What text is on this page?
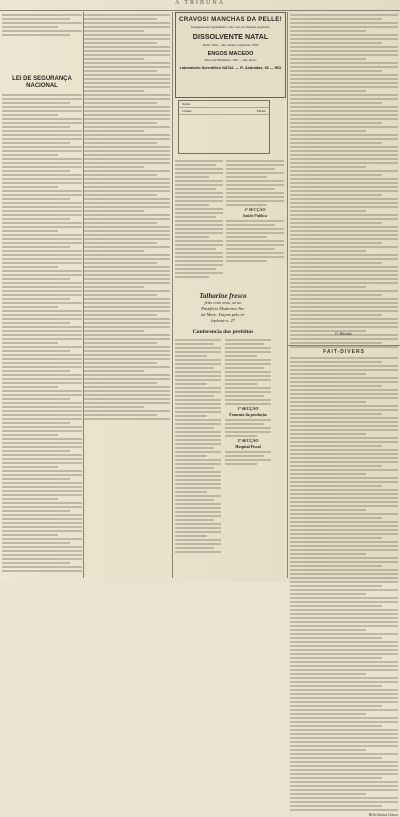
A TRIBUNA
LEI DE SEGURANÇA NACIONAL
CRAVOS! MANCHAS DA PELLE!
Desapparecem rapidamente com o uso do afamado preparado
DISSOLVENTE NATAL
Prem. 1900 — Rio Janeiro registrado. 1896
ENGOS MACEDO
Rua José Bonifácio, 396 — São Paulo
Laboratorio Scientifico NATAL — R. Andradas, 36 — RIO
Nome
Cidade	Estado
2ª SECÇÃO
Saúde Publica
Talharine fresco
feito com ovos, só no
Pastificio Modernos Na-
tal Mene. Façam pelo te-
lephone n. 27
Conferencia dos prefeitos
1ª SECÇÃO
Fomento da produção
2ª SECÇÃO
Hospital Fiscal
O. Marinho.
FAIT-DIVERS
Hélio Santos Gomes
